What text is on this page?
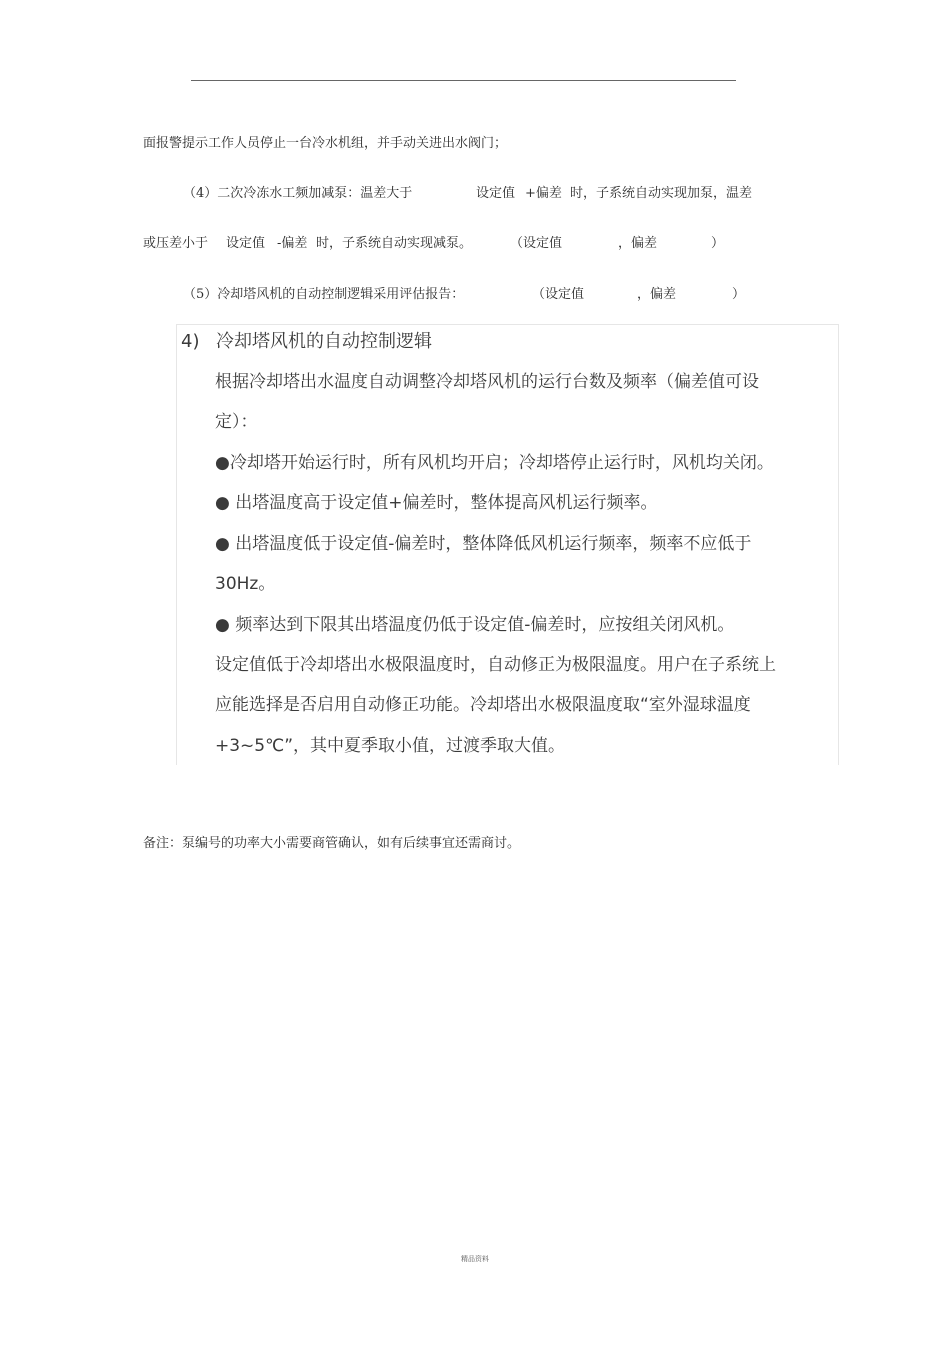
面报警提示工作人员停止一台冷水机组，并手动关进出水阀门；
（4）二次冷冻水工频加减泵：温差大于	设定值 +偏差 时，子系统自动实现加泵，温差
或压差小于 设定值 -偏差 时，子系统自动实现减泵。	（设定值	，偏差	）
（5）冷却塔风机的自动控制逻辑采用评估报告：	（设定值	，偏差	）
4) 冷却塔风机的自动控制逻辑
根据冷却塔出水温度自动调整冷却塔风机的运行台数及频率（偏差值可设
定）：
●冷却塔开始运行时，所有风机均开启；冷却塔停止运行时，风机均关闭。
● 出塔温度高于设定值+偏差时，整体提高风机运行频率。
● 出塔温度低于设定值-偏差时，整体降低风机运行频率，频率不应低于
30Hz。
● 频率达到下限其出塔温度仍低于设定值-偏差时，应按组关闭风机。
设定值低于冷却塔出水极限温度时，自动修正为极限温度。用户在子系统上
应能选择是否启用自动修正功能。冷却塔出水极限温度取“室外湿球温度
+3~5℃”，其中夏季取小值，过渡季取大值。
备注：泵编号的功率大小需要商管确认，如有后续事宜还需商讨。
精品资料
